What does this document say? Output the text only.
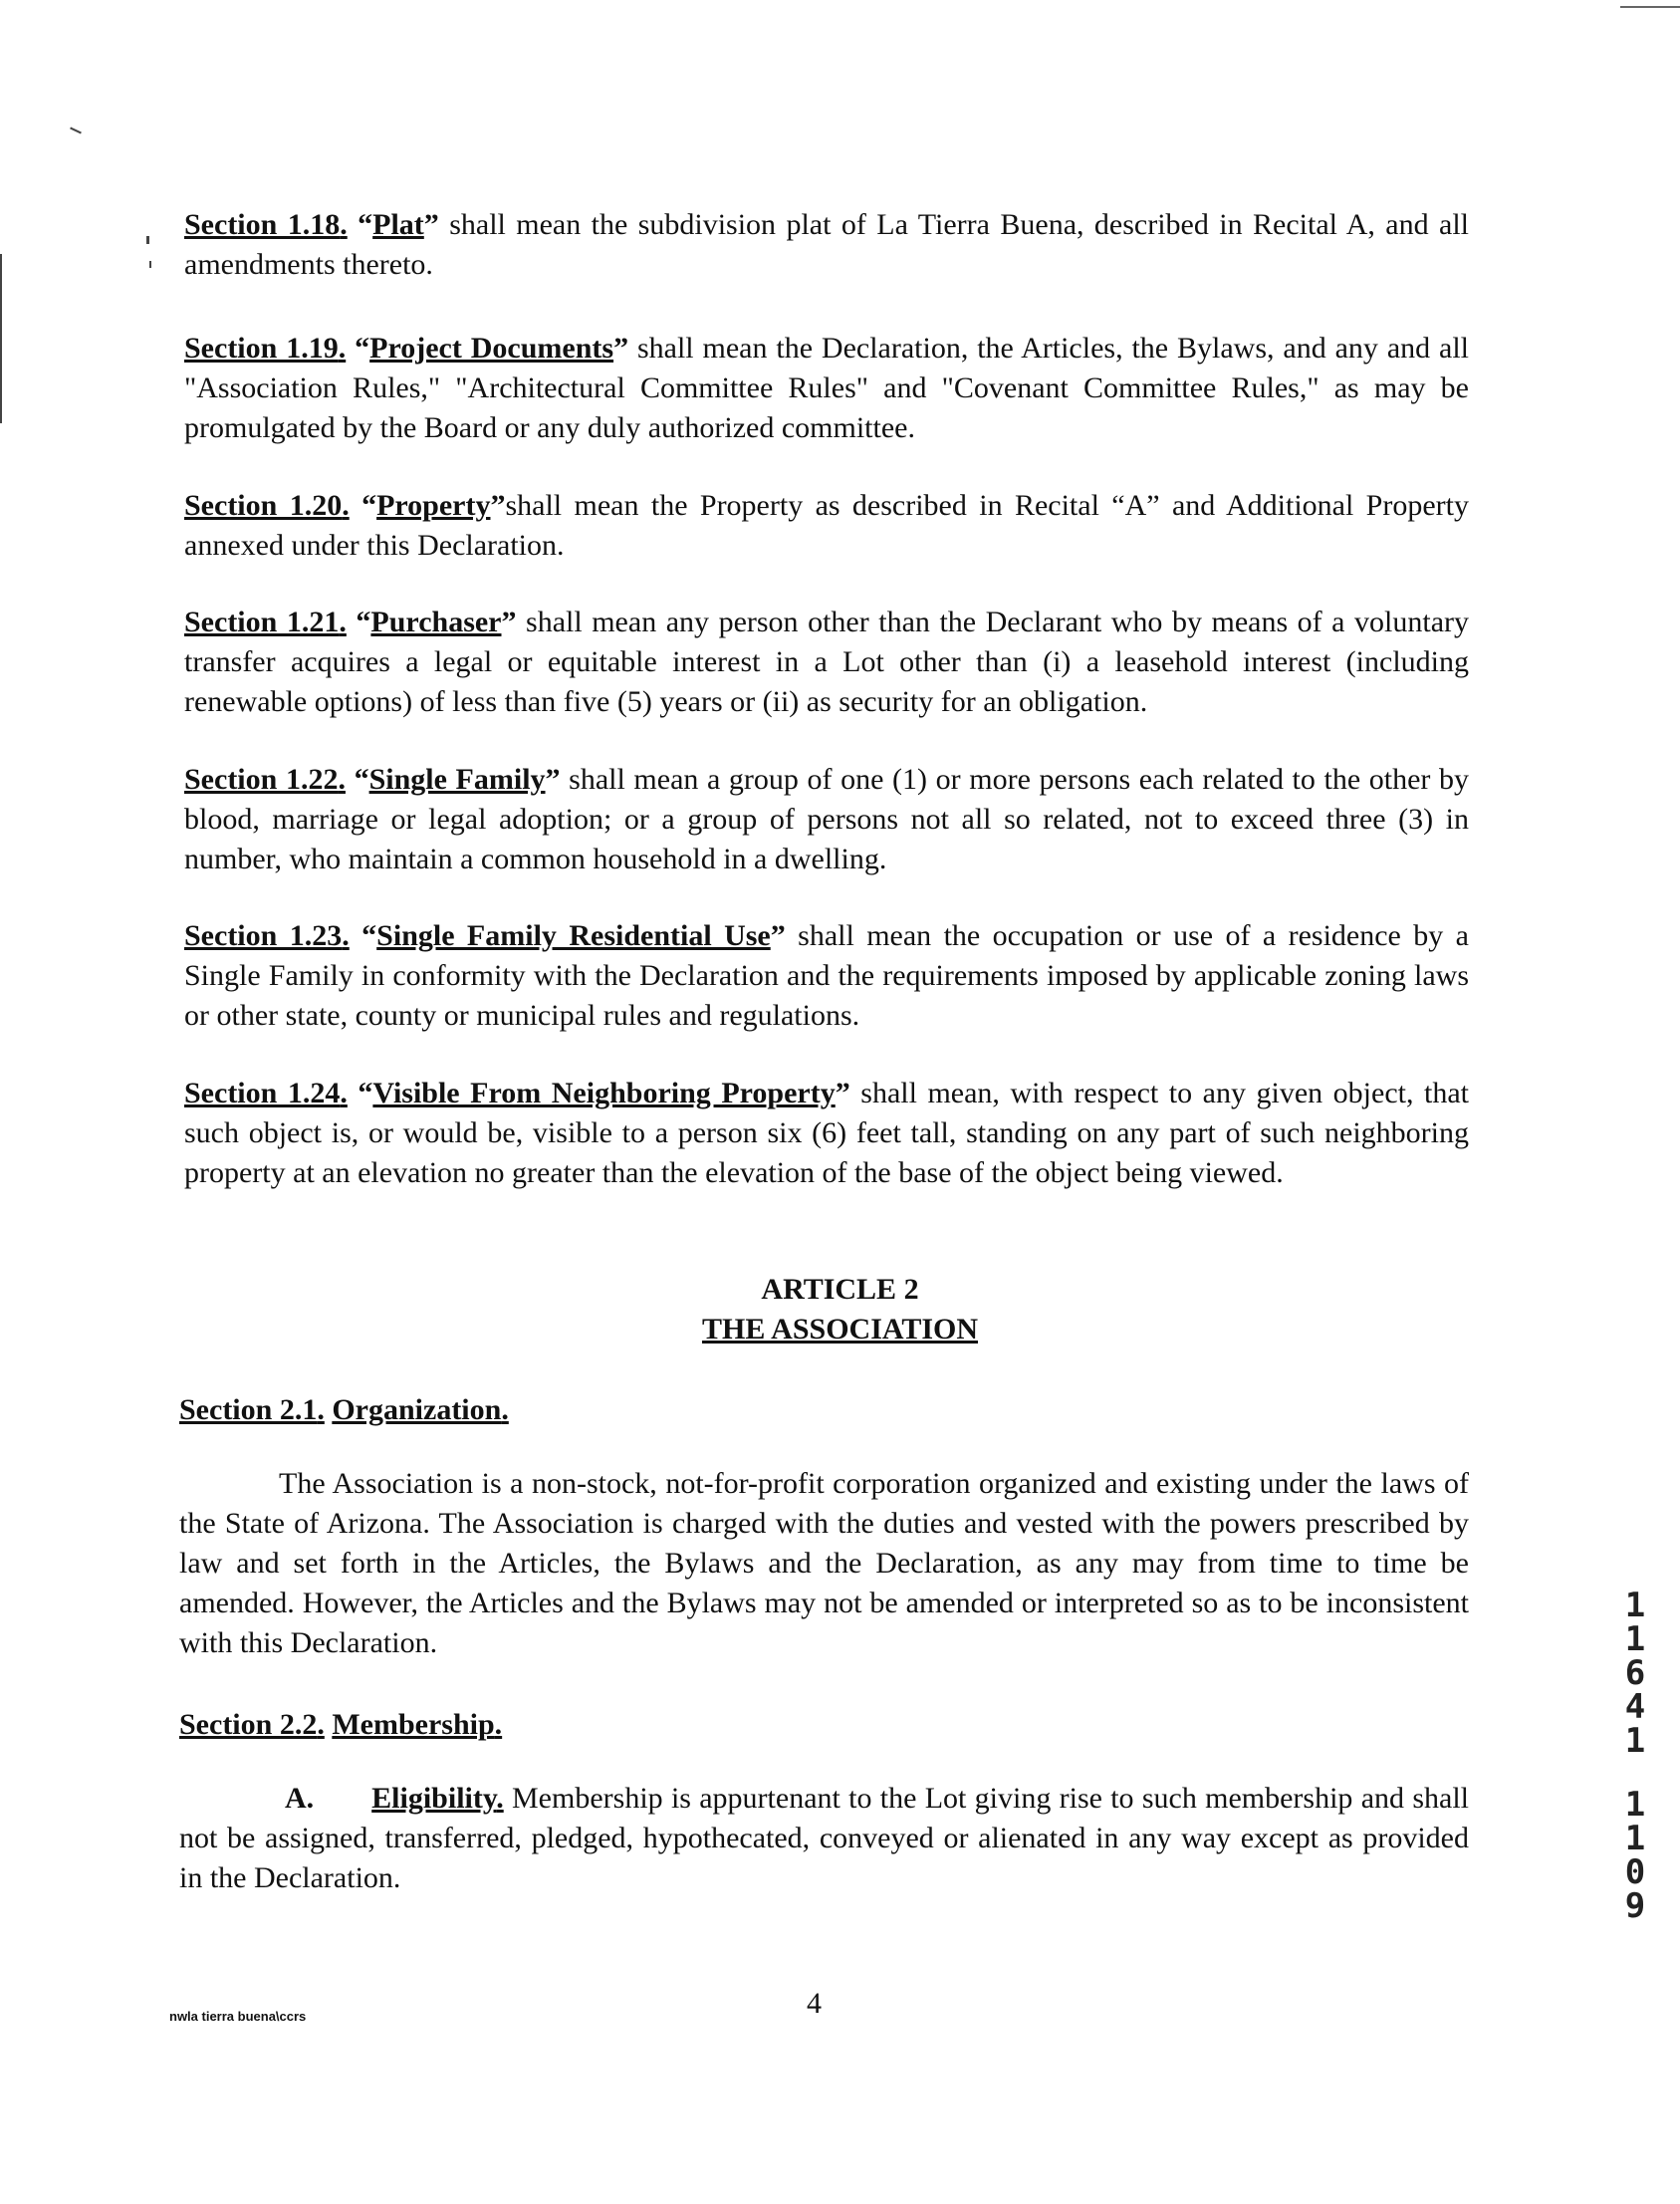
Section 1.18. “Plat” shall mean the subdivision plat of La Tierra Buena, described in Recital A, and all amendments thereto.
Section 1.19. “Project Documents” shall mean the Declaration, the Articles, the Bylaws, and any and all "Association Rules," "Architectural Committee Rules" and "Covenant Committee Rules," as may be promulgated by the Board or any duly authorized committee.
Section 1.20. “Property”shall mean the Property as described in Recital “A” and Additional Property annexed under this Declaration.
Section 1.21. “Purchaser” shall mean any person other than the Declarant who by means of a voluntary transfer acquires a legal or equitable interest in a Lot other than (i) a leasehold interest (including renewable options) of less than five (5) years or (ii) as security for an obligation.
Section 1.22. “Single Family” shall mean a group of one (1) or more persons each related to the other by blood, marriage or legal adoption; or a group of persons not all so related, not to exceed three (3) in number, who maintain a common household in a dwelling.
Section 1.23. “Single Family Residential Use” shall mean the occupation or use of a residence by a Single Family in conformity with the Declaration and the requirements imposed by applicable zoning laws or other state, county or municipal rules and regulations.
Section 1.24. “Visible From Neighboring Property” shall mean, with respect to any given object, that such object is, or would be, visible to a person six (6) feet tall, standing on any part of such neighboring property at an elevation no greater than the elevation of the base of the object being viewed.
ARTICLE 2
THE ASSOCIATION
Section 2.1. Organization.
The Association is a non-stock, not-for-profit corporation organized and existing under the laws of the State of Arizona. The Association is charged with the duties and vested with the powers prescribed by law and set forth in the Articles, the Bylaws and the Declaration, as any may from time to time be amended. However, the Articles and the Bylaws may not be amended or interpreted so as to be inconsistent with this Declaration.
Section 2.2. Membership.
A. Eligibility. Membership is appurtenant to the Lot giving rise to such membership and shall not be assigned, transferred, pledged, hypothecated, conveyed or alienated in any way except as provided in the Declaration.
4
nwla tierra buena\ccrs
1
1
6
4
1
1
1
0
9
